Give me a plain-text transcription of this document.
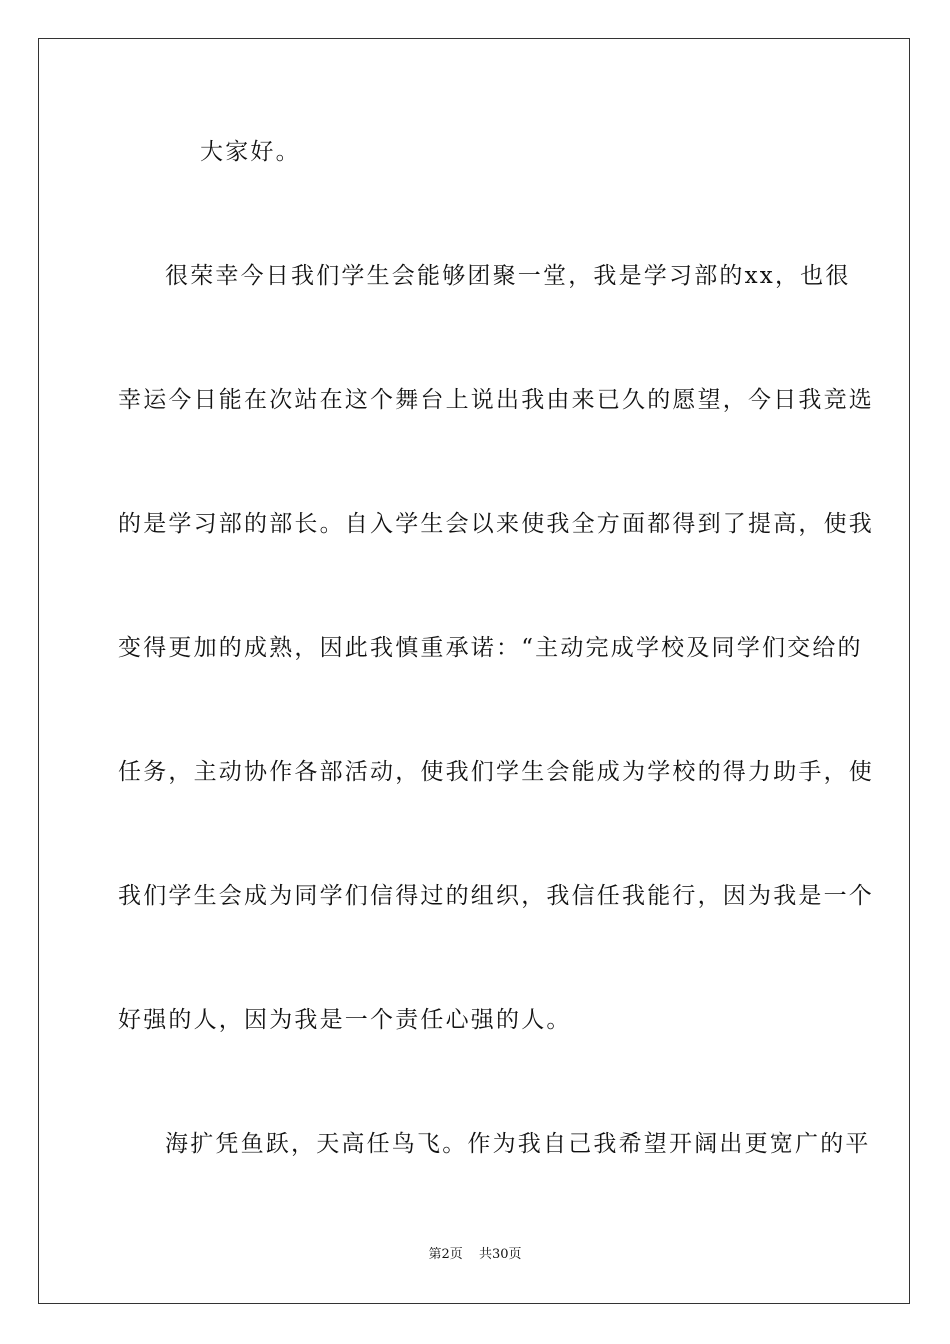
大家好。
很荣幸今日我们学生会能够团聚一堂，我是学习部的xx，也很
幸运今日能在次站在这个舞台上说出我由来已久的愿望，今日我竞选
的是学习部的部长。自入学生会以来使我全方面都得到了提高，使我
变得更加的成熟，因此我慎重承诺：“主动完成学校及同学们交给的
任务，主动协作各部活动，使我们学生会能成为学校的得力助手，使
我们学生会成为同学们信得过的组织，我信任我能行，因为我是一个
好强的人，因为我是一个责任心强的人。
海扩凭鱼跃，天高任鸟飞。作为我自己我希望开阔出更宽广的平
第2页 共30页
